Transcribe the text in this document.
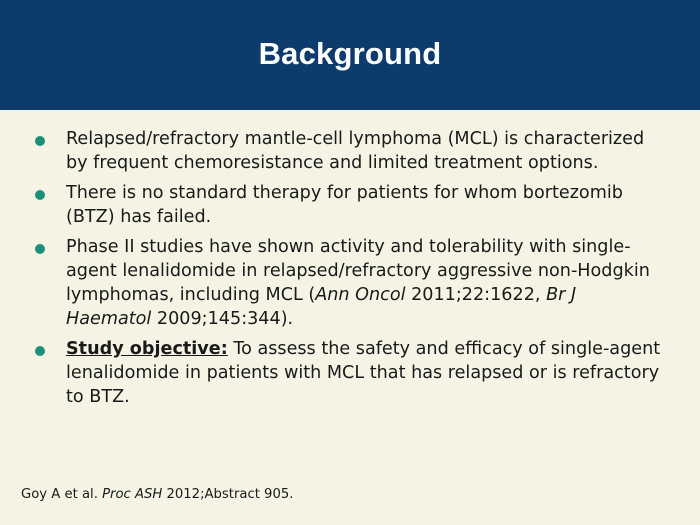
Background
Relapsed/refractory mantle-cell lymphoma (MCL) is characterized by frequent chemoresistance and limited treatment options.
There is no standard therapy for patients for whom bortezomib (BTZ) has failed.
Phase II studies have shown activity and tolerability with single-agent lenalidomide in relapsed/refractory aggressive non-Hodgkin lymphomas, including MCL (Ann Oncol 2011;22:1622, Br J Haematol 2009;145:344).
Study objective: To assess the safety and efficacy of single-agent lenalidomide in patients with MCL that has relapsed or is refractory to BTZ.
Goy A et al. Proc ASH 2012;Abstract 905.
